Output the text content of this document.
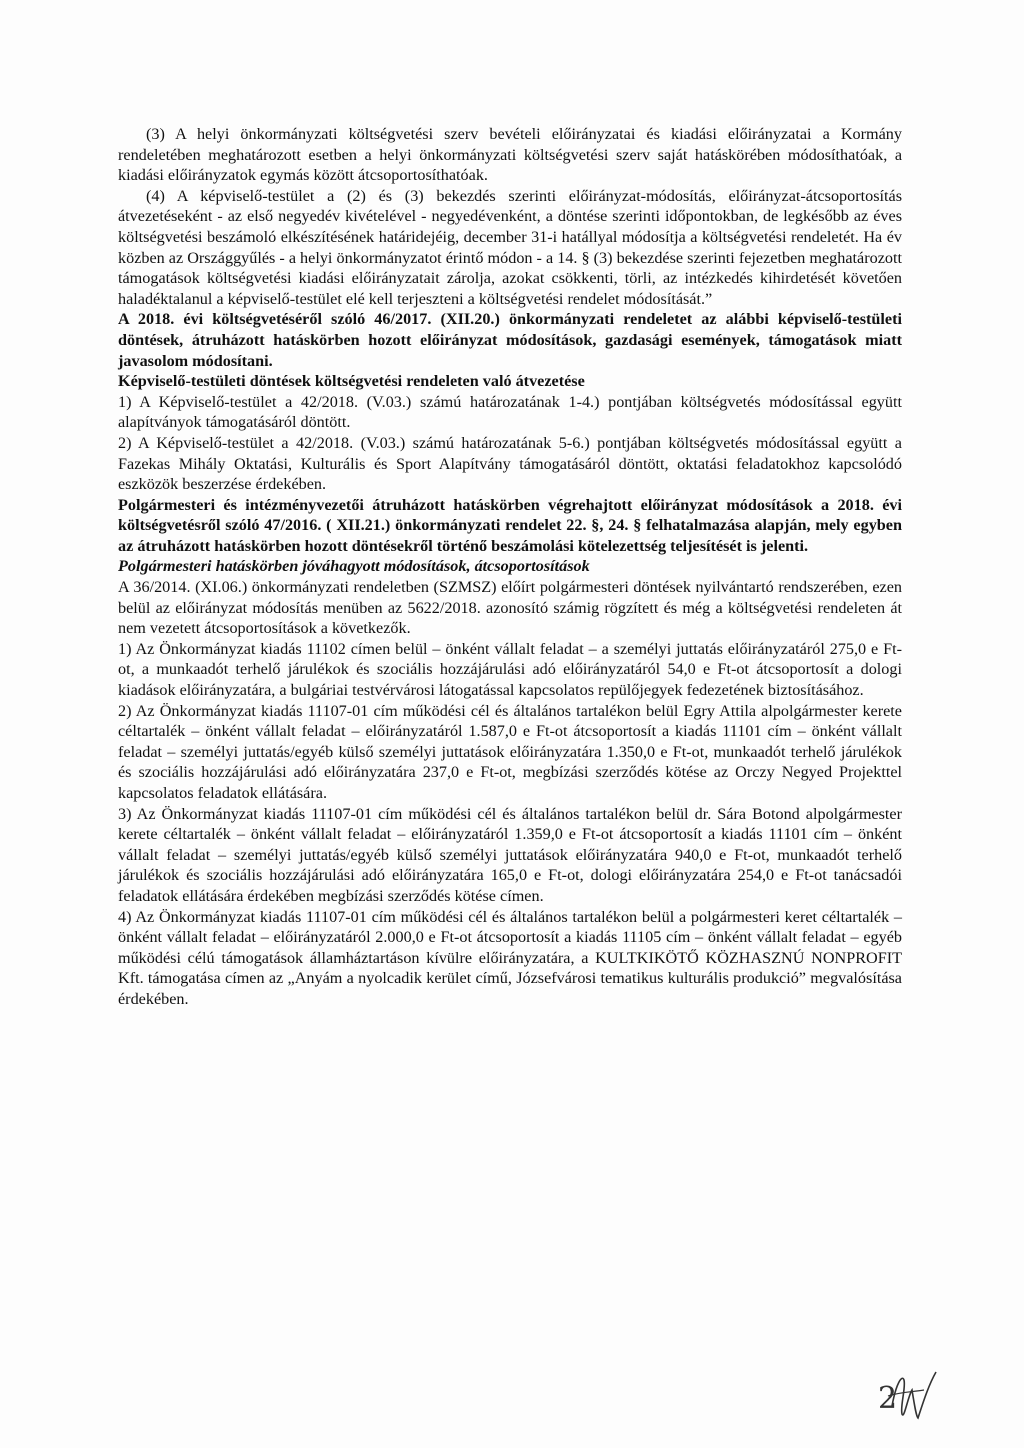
(3) A helyi önkormányzati költségvetési szerv bevételi előirányzatai és kiadási előirányzatai a Kormány rendeletében meghatározott esetben a helyi önkormányzati költségvetési szerv saját hatáskörében módosíthatóak, a kiadási előirányzatok egymás között átcsoportosíthatóak.

(4) A képviselő-testület a (2) és (3) bekezdés szerinti előirányzat-módosítás, előirányzat-átcsoportosítás átvezetéseként - az első negyedév kivételével - negyedévenként, a döntése szerinti időpontokban, de legkésőbb az éves költségvetési beszámoló elkészítésének határidejéig, december 31-i hatállyal módosítja a költségvetési rendeletét. Ha év közben az Országgyűlés - a helyi önkormányzatot érintő módon - a 14. § (3) bekezdése szerinti fejezetben meghatározott támogatások költségvetési kiadási előirányzatait zárolja, azokat csökkenti, törli, az intézkedés kihirdetését követően haladéktalanul a képviselő-testület elé kell terjeszteni a költségvetési rendelet módosítását.”

A 2018. évi költségvetéséről szóló 46/2017. (XII.20.) önkormányzati rendeletet az alábbi képviselő-testületi döntések, átruházott hatáskörben hozott előirányzat módosítások, gazdasági események, támogatások miatt javasolom módosítani.

Képviselő-testületi döntések költségvetési rendeleten való átvezetése

1) A Képviselő-testület a 42/2018. (V.03.) számú határozatának 1-4.) pontjában költségvetés módosítással együtt alapítványok támogatásáról döntött.

2) A Képviselő-testület a 42/2018. (V.03.) számú határozatának 5-6.) pontjában költségvetés módosítással együtt a Fazekas Mihály Oktatási, Kulturális és Sport Alapítvány támogatásáról döntött, oktatási feladatokhoz kapcsolódó eszközök beszerzése érdekében.

Polgármesteri és intézményvezetői átruházott hatáskörben végrehajtott előirányzat módosítások a 2018. évi költségvetésről szóló 47/2016. ( XII.21.) önkormányzati rendelet 22. §, 24. § felhatalmazása alapján, mely egyben az átruházott hatáskörben hozott döntésekről történő beszámolási kötelezettség teljesítését is jelenti.

Polgármesteri hatáskörben jóváhagyott módosítások, átcsoportosítások

A 36/2014. (XI.06.) önkormányzati rendeletben (SZMSZ) előírt polgármesteri döntések nyilvántartó rendszerében, ezen belül az előirányzat módosítás menüben az 5622/2018. azonosító számig rögzített és még a költségvetési rendeleten át nem vezetett átcsoportosítások a következők.

1) Az Önkormányzat kiadás 11102 címen belül – önként vállalt feladat – a személyi juttatás előirányzatáról 275,0 e Ft-ot, a munkaadót terhelő járulékok és szociális hozzájárulási adó előirányzatáról 54,0 e Ft-ot átcsoportosít a dologi kiadások előirányzatára, a bulgáriai testvérvárosi látogatással kapcsolatos repülőjegyek fedezetének biztosításához.

2) Az Önkormányzat kiadás 11107-01 cím működési cél és általános tartalékon belül Egry Attila alpolgármester kerete céltartalék – önként vállalt feladat – előirányzatáról 1.587,0 e Ft-ot átcsoportosít a kiadás 11101 cím – önként vállalt feladat – személyi juttatás/egyéb külső személyi juttatások előirányzatára 1.350,0 e Ft-ot, munkaadót terhelő járulékok és szociális hozzájárulási adó előirányzatára 237,0 e Ft-ot, megbízási szerződés kötése az Orczy Negyed Projekttel kapcsolatos feladatok ellátására.

3) Az Önkormányzat kiadás 11107-01 cím működési cél és általános tartalékon belül dr. Sára Botond alpolgármester kerete céltartalék – önként vállalt feladat – előirányzatáról 1.359,0 e Ft-ot átcsoportosít a kiadás 11101 cím – önként vállalt feladat – személyi juttatás/egyéb külső személyi juttatások előirányzatára 940,0 e Ft-ot, munkaadót terhelő járulékok és szociális hozzájárulási adó előirányzatára 165,0 e Ft-ot, dologi előirányzatára 254,0 e Ft-ot tanácsadói feladatok ellátására érdekében megbízási szerződés kötése címen.

4) Az Önkormányzat kiadás 11107-01 cím működési cél és általános tartalékon belül a polgármesteri keret céltartalék – önként vállalt feladat – előirányzatáról 2.000,0 e Ft-ot átcsoportosít a kiadás 11105 cím – önként vállalt feladat – egyéb működési célú támogatások államháztartáson kívülre előirányzatára, a KULTKIKÖTŐ KÖZHASZNÚ NONPROFIT Kft. támogatása címen az „Anyám a nyolcadik kerület című, Józsefvárosi tematikus kulturális produkció” megvalósítása érdekében.

2
